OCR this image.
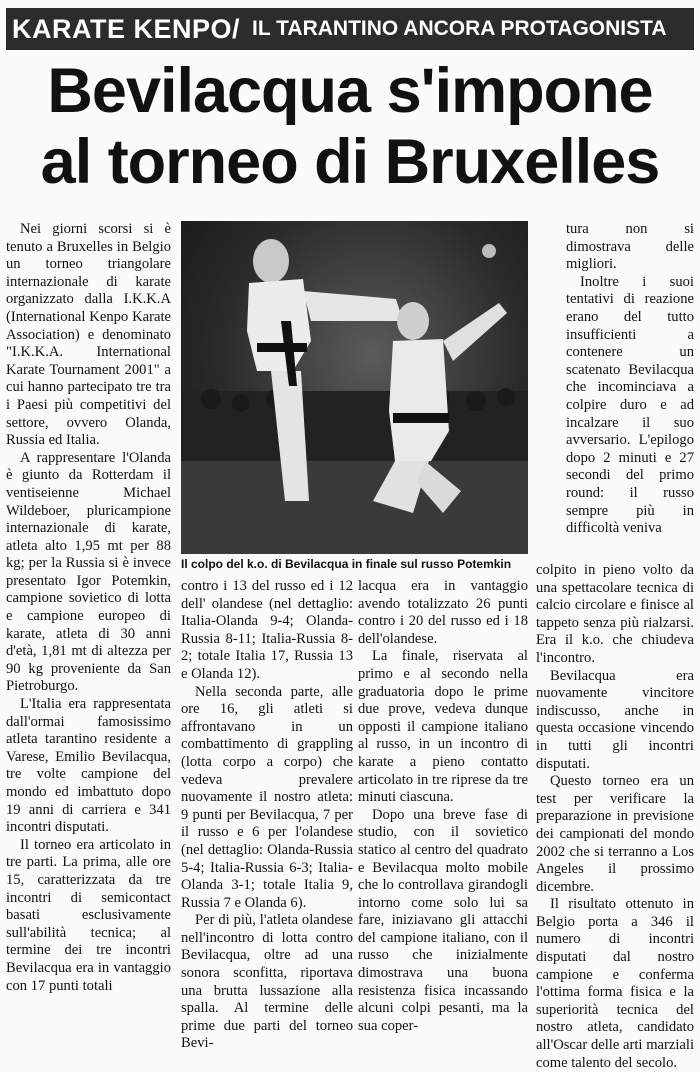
KARATE KENPO/ IL TARANTINO ANCORA PROTAGONISTA
Bevilacqua s'impone
al torneo di Bruxelles

Nei giorni scorsi si è tenuto a Bruxelles in Belgio un torneo triangolare internazionale di karate organizzato dalla I.K.K.A (International Kenpo Karate Association) e denominato "I.K.K.A. International Karate Tournament 2001" a cui hanno partecipato tre tra i Paesi più competitivi del settore, ovvero Olanda, Russia ed Italia.

A rappresentare l'Olanda è giunto da Rotterdam il ventiseienne Michael Wildeboer, pluricampione internazionale di karate, atleta alto 1,95 mt per 88 kg; per la Russia si è invece presentato Igor Potemkin, campione sovietico di lotta e campione europeo di karate, atleta di 30 anni d'età, 1,81 mt di altezza per 90 kg proveniente da San Pietroburgo.

L'Italia era rappresentata dall'ormai famosissimo atleta tarantino residente a Varese, Emilio Bevilacqua, tre volte campione del mondo ed imbattuto dopo 19 anni di carriera e 341 incontri disputati.

Il torneo era articolato in tre parti. La prima, alle ore 15, caratterizzata da tre incontri di semicontact basati esclusivamente sull'abilità tecnica; al termine dei tre incontri Bevilacqua era in vantaggio con 17 punti totali

Il colpo del k.o. di Bevilacqua in finale sul russo Potemkin

contro i 13 del russo ed i 12 dell' olandese (nel dettaglio: Italia-Olanda 9-4; Olanda-Russia 8-11; Italia-Russia 8-2; totale Italia 17, Russia 13 e Olanda 12).

Nella seconda parte, alle ore 16, gli atleti si affrontavano in un combattimento di grappling (lotta corpo a corpo) che vedeva prevalere nuovamente il nostro atleta: 9 punti per Bevilacqua, 7 per il russo e 6 per l'olandese (nel dettaglio: Olanda-Russia 5-4; Italia-Russia 6-3; Italia-Olanda 3-1; totale Italia 9, Russia 7 e Olanda 6).

Per di più, l'atleta olandese nell'incontro di lotta contro Bevilacqua, oltre ad una sonora sconfitta, riportava una brutta lussazione alla spalla. Al termine delle prime due parti del torneo Bevi-

lacqua era in vantaggio avendo totalizzato 26 punti contro i 20 del russo ed i 18 dell'olandese.

La finale, riservata al primo e al secondo nella graduatoria dopo le prime due prove, vedeva dunque opposti il campione italiano al russo, in un incontro di karate a pieno contatto articolato in tre riprese da tre minuti ciascuna.

Dopo una breve fase di studio, con il sovietico statico al centro del quadrato e Bevilacqua molto mobile che lo controllava girandogli intorno come solo lui sa fare, iniziavano gli attacchi del campione italiano, con il russo che inizialmente dimostrava una buona resistenza fisica incassando alcuni colpi pesanti, ma la sua coper-

tura non si dimostrava delle migliori.

Inoltre i suoi tentativi di reazione erano del tutto insufficienti a contenere un scatenato Bevilacqua che incominciava a colpire duro e ad incalzare il suo avversario. L'epilogo dopo 2 minuti e 27 secondi del primo round: il russo sempre più in difficoltà veniva

colpito in pieno volto da una spettacolare tecnica di calcio circolare e finisce al tappeto senza più rialzarsi. Era il k.o. che chiudeva l'incontro.

Bevilacqua era nuovamente vincitore indiscusso, anche in questa occasione vincendo in tutti gli incontri disputati.

Questo torneo era un test per verificare la preparazione in previsione dei campionati del mondo 2002 che si terranno a Los Angeles il prossimo dicembre.

Il risultato ottenuto in Belgio porta a 346 il numero di incontri disputati dal nostro campione e conferma l'ottima forma fisica e la superiorità tecnica del nostro atleta, candidato all'Oscar delle arti marziali come talento del secolo.
